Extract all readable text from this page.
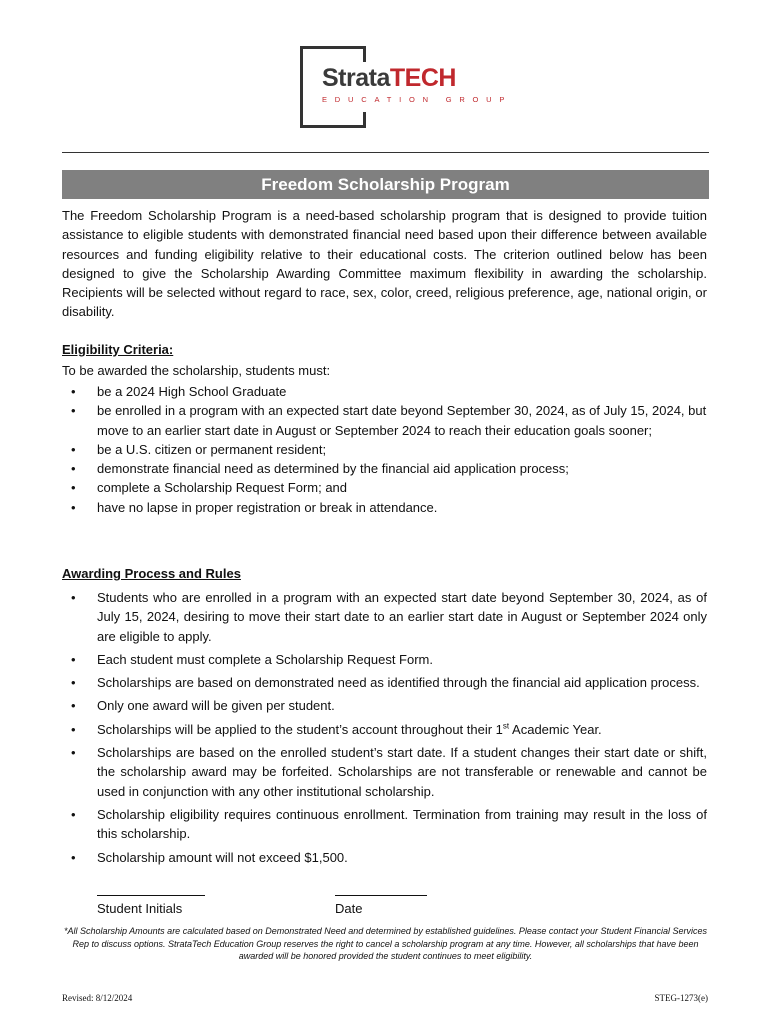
StrataTECH
EDUCATION GROUP
Freedom Scholarship Program
The Freedom Scholarship Program is a need-based scholarship program that is designed to provide tuition assistance to eligible students with demonstrated financial need based upon their difference between available resources and funding eligibility relative to their educational costs. The criterion outlined below has been designed to give the Scholarship Awarding Committee maximum flexibility in awarding the scholarship. Recipients will be selected without regard to race, sex, color, creed, religious preference, age, national origin, or disability.
Eligibility Criteria:
To be awarded the scholarship, students must:
• be a 2024 High School Graduate
• be enrolled in a program with an expected start date beyond September 30, 2024, as of July 15, 2024, but move to an earlier start date in August or September 2024 to reach their education goals sooner;
• be a U.S. citizen or permanent resident;
• demonstrate financial need as determined by the financial aid application process;
• complete a Scholarship Request Form; and
• have no lapse in proper registration or break in attendance.
Awarding Process and Rules
• Students who are enrolled in a program with an expected start date beyond September 30, 2024, as of July 15, 2024, desiring to move their start date to an earlier start date in August or September 2024 only are eligible to apply.
• Each student must complete a Scholarship Request Form.
• Scholarships are based on demonstrated need as identified through the financial aid application process.
• Only one award will be given per student.
• Scholarships will be applied to the student’s account throughout their 1st Academic Year.
• Scholarships are based on the enrolled student’s start date. If a student changes their start date or shift, the scholarship award may be forfeited. Scholarships are not transferable or renewable and cannot be used in conjunction with any other institutional scholarship.
• Scholarship eligibility requires continuous enrollment. Termination from training may result in the loss of this scholarship.
• Scholarship amount will not exceed $1,500.
Student Initials	Date
*All Scholarship Amounts are calculated based on Demonstrated Need and determined by established guidelines. Please contact your Student Financial Services Rep to discuss options. StrataTech Education Group reserves the right to cancel a scholarship program at any time. However, all scholarships that have been awarded will be honored provided the student continues to meet eligibility.
Revised: 8/12/2024	STEG-1273(e)
